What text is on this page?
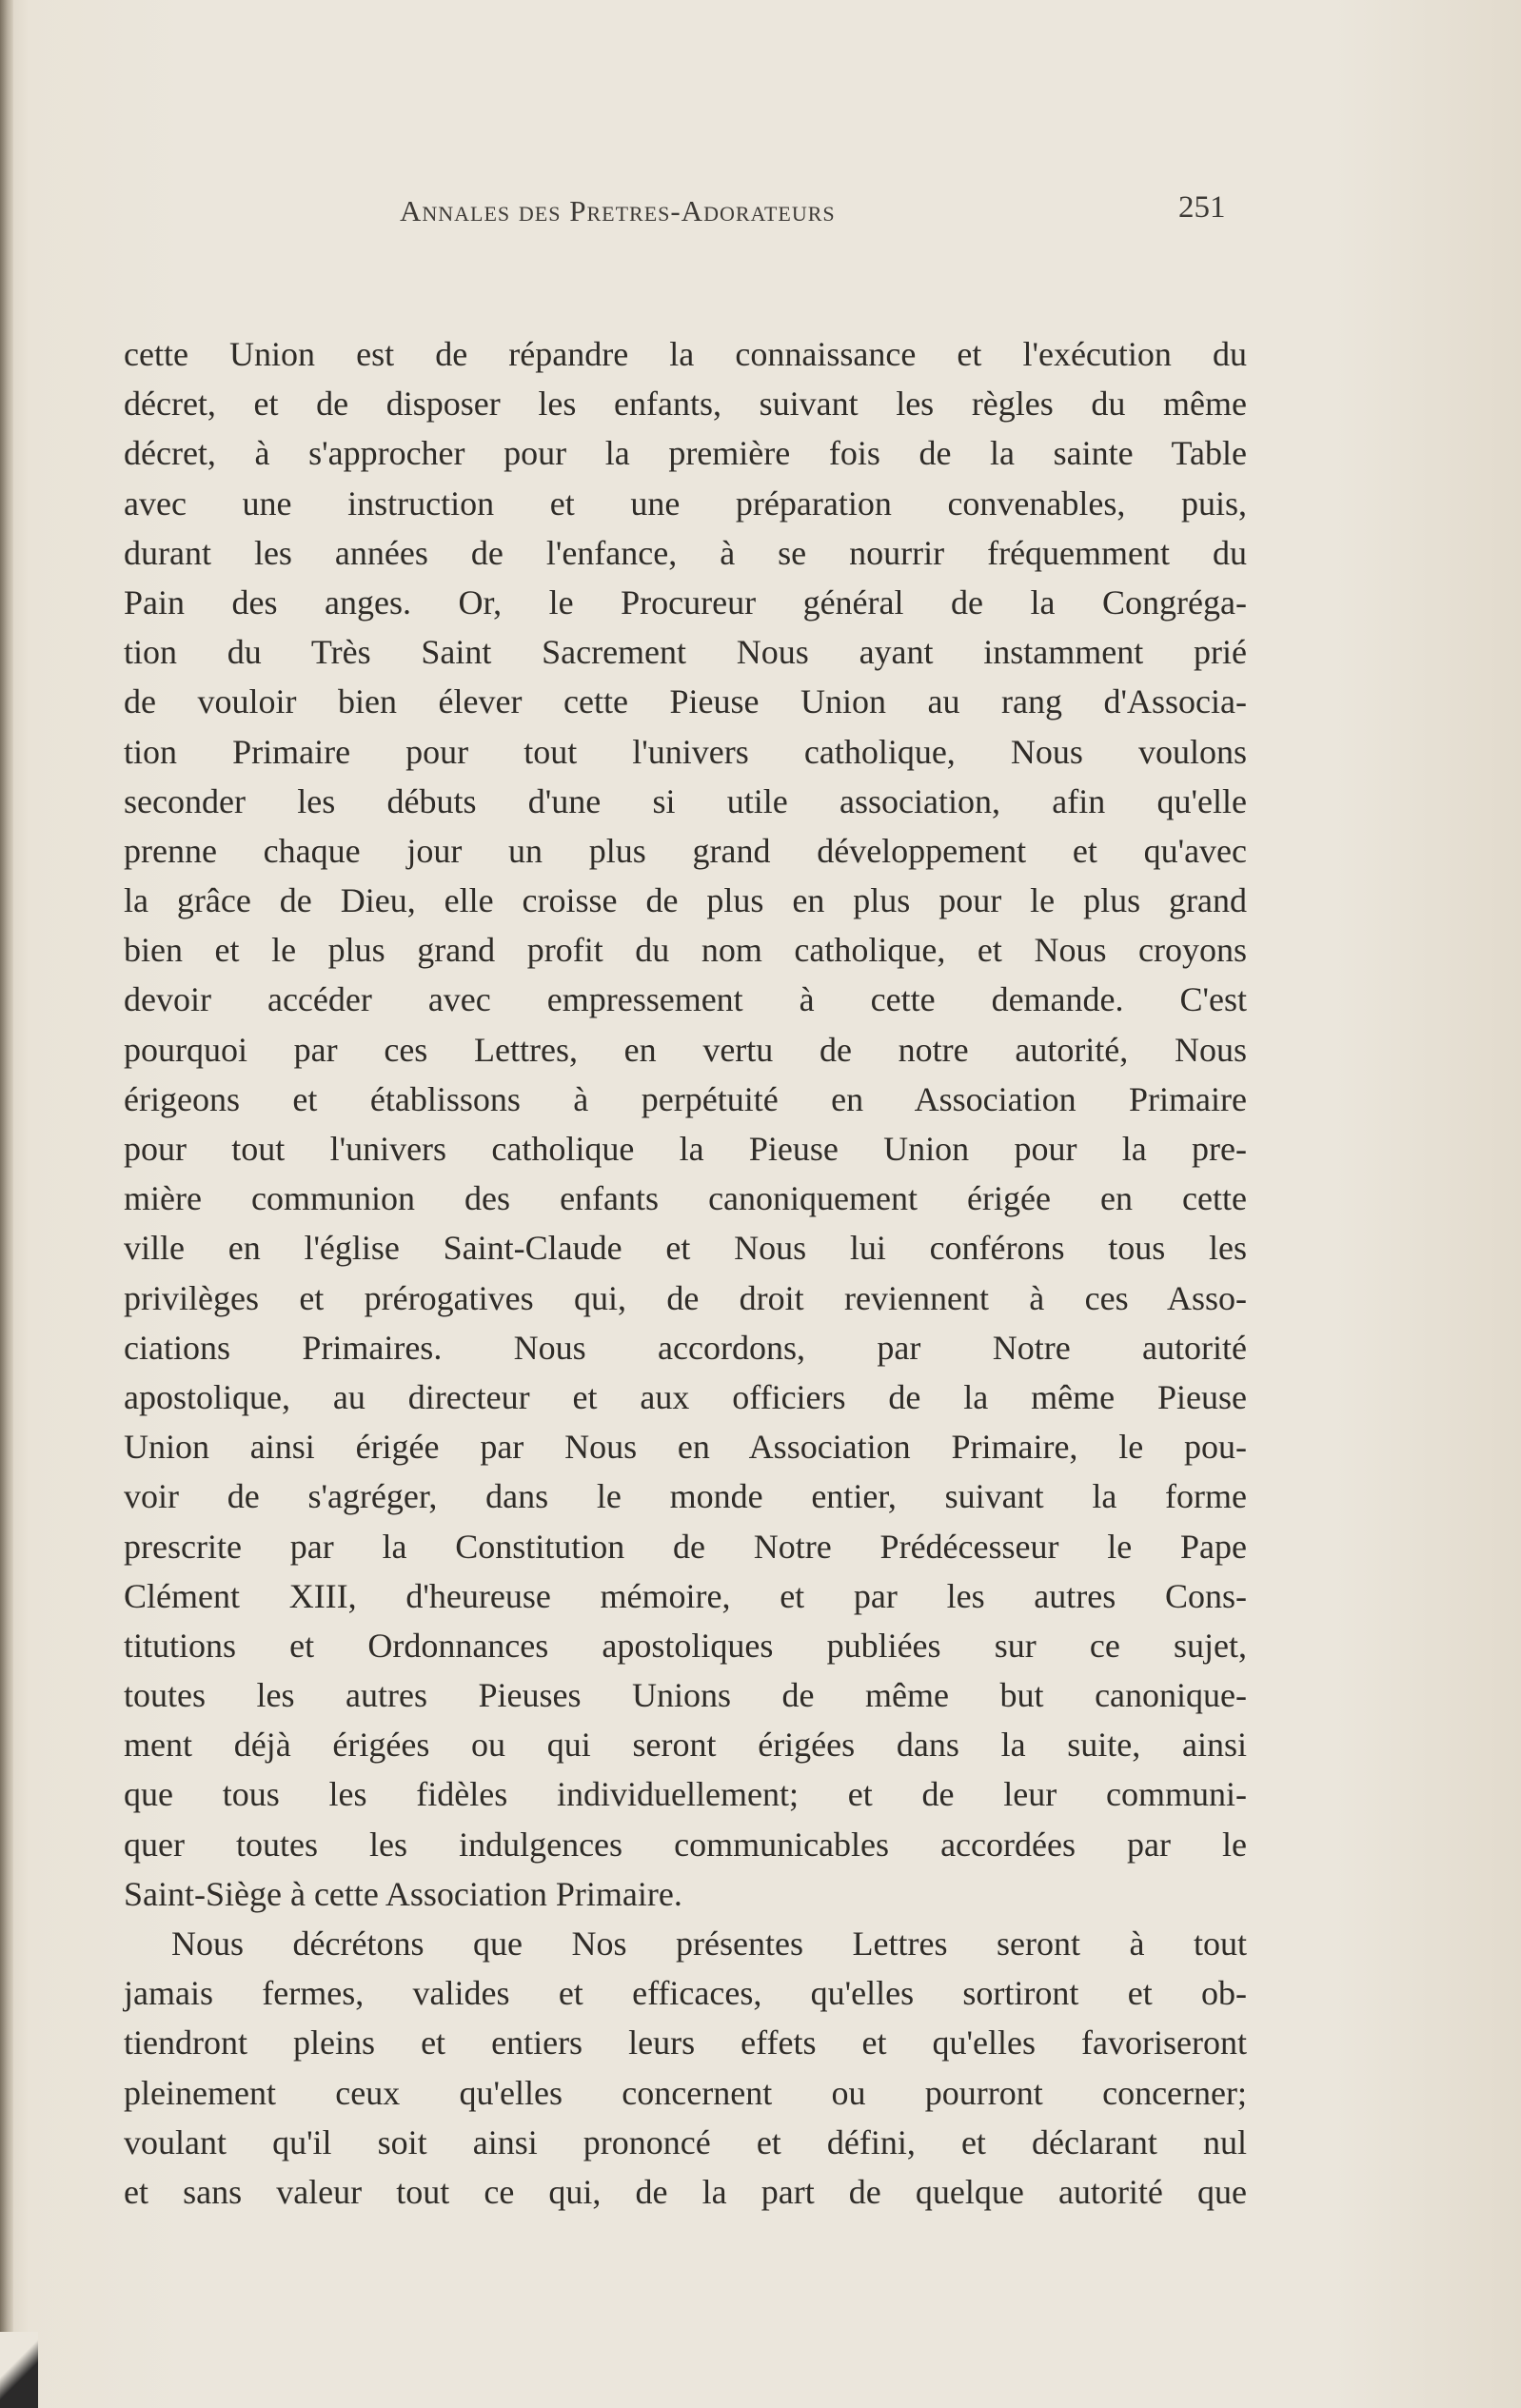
Annales des Pretres-Adorateurs	251
cette Union est de répandre la connaissance et l'exécution du
décret, et de disposer les enfants, suivant les règles du même
décret, à s'approcher pour la première fois de la sainte Table
avec une instruction et une préparation convenables, puis,
durant les années de l'enfance, à se nourrir fréquemment du
Pain des anges. Or, le Procureur général de la Congréga-
tion du Très Saint Sacrement Nous ayant instamment prié
de vouloir bien élever cette Pieuse Union au rang d'Associa-
tion Primaire pour tout l'univers catholique, Nous voulons
seconder les débuts d'une si utile association, afin qu'elle
prenne chaque jour un plus grand développement et qu'avec
la grâce de Dieu, elle croisse de plus en plus pour le plus grand
bien et le plus grand profit du nom catholique, et Nous croyons
devoir accéder avec empressement à cette demande. C'est
pourquoi par ces Lettres, en vertu de notre autorité, Nous
érigeons et établissons à perpétuité en Association Primaire
pour tout l'univers catholique la Pieuse Union pour la pre-
mière communion des enfants canoniquement érigée en cette
ville en l'église Saint-Claude et Nous lui conférons tous les
privilèges et prérogatives qui, de droit reviennent à ces Asso-
ciations Primaires. Nous accordons, par Notre autorité
apostolique, au directeur et aux officiers de la même Pieuse
Union ainsi érigée par Nous en Association Primaire, le pou-
voir de s'agréger, dans le monde entier, suivant la forme
prescrite par la Constitution de Notre Prédécesseur le Pape
Clément XIII, d'heureuse mémoire, et par les autres Cons-
titutions et Ordonnances apostoliques publiées sur ce sujet,
toutes les autres Pieuses Unions de même but canonique-
ment déjà érigées ou qui seront érigées dans la suite, ainsi
que tous les fidèles individuellement; et de leur communi-
quer toutes les indulgences communicables accordées par le
Saint-Siège à cette Association Primaire.
Nous décrétons que Nos présentes Lettres seront à tout
jamais fermes, valides et efficaces, qu'elles sortiront et ob-
tiendront pleins et entiers leurs effets et qu'elles favoriseront
pleinement ceux qu'elles concernent ou pourront concerner;
voulant qu'il soit ainsi prononcé et défini, et déclarant nul
et sans valeur tout ce qui, de la part de quelque autorité que
